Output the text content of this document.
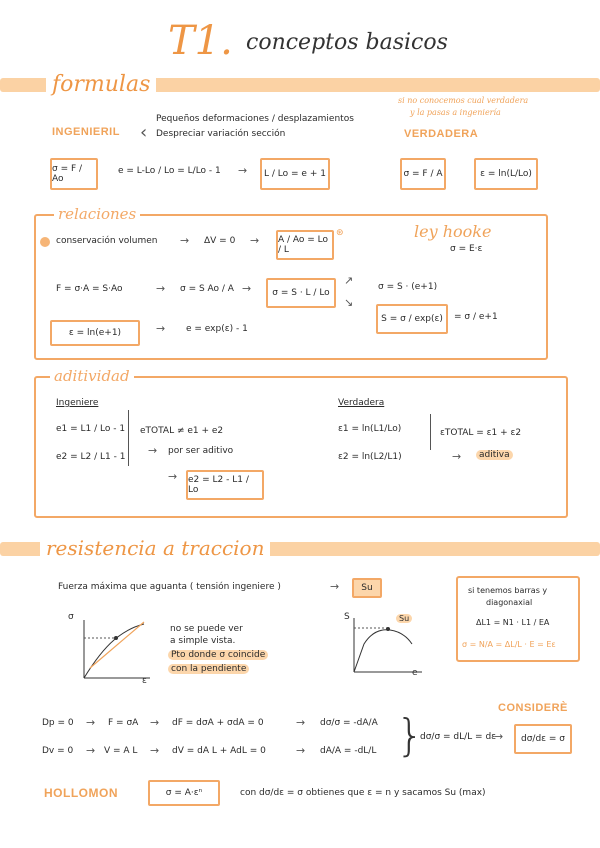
T1. conceptos basicos
formulas
INGENIERIL ‹
Pequeños deformaciones / desplazamientos
Despreciar variación sección
si no conocemos cual verdadera
y la pasas a ingeniería
VERDADERA
σ = F / Ao
e = L-Lo / Lo = L/Lo - 1 → L / Lo = e + 1	σ = F / A	ε = ln(L/Lo)
relaciones
conservación volumen → ΔV = 0 → A / Ao = Lo / L
⊛	ley hooke
σ = E·ε
F = σ·A = S·Ao	→ σ = S Ao / A → σ = S · L / Lo
↗	σ = S · (e+1)
↘
S = σ / exp(ε) = σ / e+1
ε = ln(e+1)	→ e = exp(ε) - 1
aditividad
Ingeniere
e1 = L1 / Lo - 1
e2 = L2 / L1 - 1
eTOTAL ≠ e1 + e2
→ por ser aditivo
→ e2 = L2 - L1 / Lo
Verdadera
ε1 = ln(L1/Lo)
ε2 = ln(L2/L1)
εTOTAL = ε1 + ε2
→	aditiva
resistencia a traccion
Fuerza máxima que aguanta ( tensión ingeniere )	→ Su
σ
ε
no se puede ver
a simple vista.
Pto donde σ coincide
con la pendiente
S
e
Su
si tenemos barras y
diagonaxial
ΔL1 = N1 · L1 / EA
σ = N/A = ΔL/L · E = Eε
Dp = 0 → F = σA → dF = dσA + σdA = 0	→ dσ/σ = -dA/A
Dv = 0 → V = A L → dV = dA L + AdL = 0	→ dA/A = -dL/L }
dσ/σ = dL/L = dε
CONSIDERÈ
→ dσ/dε = σ
HOLLOMON	σ = A·εⁿ	con dσ/dε = σ obtienes que ε = n y sacamos Su (max)
